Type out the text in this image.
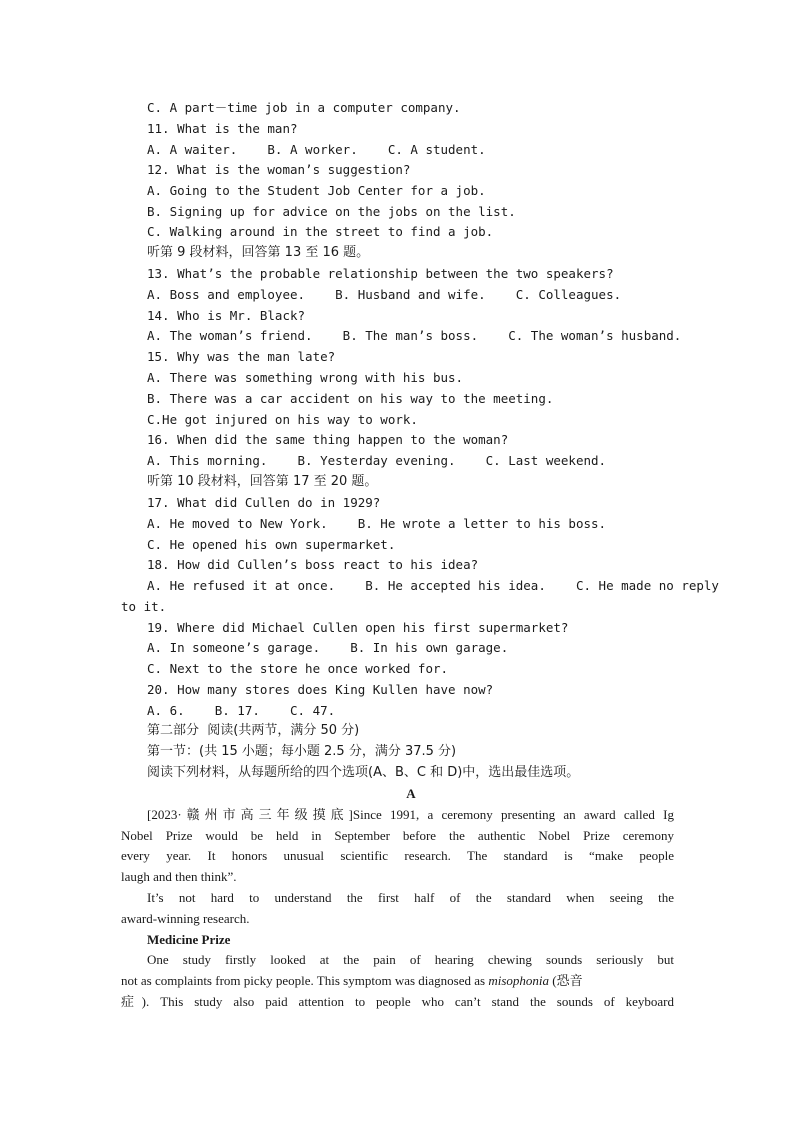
C. A part－time job in a computer company.
11. What is the man?
A. A waiter.    B. A worker.    C. A student.
12. What is the woman’s suggestion?
A. Going to the Student Job Center for a job.
B. Signing up for advice on the jobs on the list.
C. Walking around in the street to find a job.
听第 9 段材料，回答第 13 至 16 题。
13. What’s the probable relationship between the two speakers?
A. Boss and employee.    B. Husband and wife.    C. Colleagues.
14. Who is Mr. Black?
A. The woman’s friend.    B. The man’s boss.    C. The woman’s husband.
15. Why was the man late?
A. There was something wrong with his bus.
B. There was a car accident on his way to the meeting.
C.He got injured on his way to work.
16. When did the same thing happen to the woman?
A. This morning.    B. Yesterday evening.    C. Last weekend.
听第 10 段材料，回答第 17 至 20 题。
17. What did Cullen do in 1929?
A. He moved to New York.    B. He wrote a letter to his boss.
C. He opened his own supermarket.
18. How did Cullen’s boss react to his idea?
A. He refused it at once.    B. He accepted his idea.    C. He made no reply
to it.
19. Where did Michael Cullen open his first supermarket?
A. In someone’s garage.    B. In his own garage.
C. Next to the store he once worked for.
20. How many stores does King Kullen have now?
A. 6.    B. 17.    C. 47.
第二部分  阅读(共两节，满分 50 分)
第一节：(共 15 小题；每小题 2.5 分，满分 37.5 分)
阅读下列材料，从每题所给的四个选项(A、B、C 和 D)中，选出最佳选项。
A
[2023·赣州市高三年级摸底]Since 1991, a ceremony presenting an award called Ig
Nobel Prize would be held in September before the authentic Nobel Prize ceremony
every year. It honors unusual scientific research. The standard is “make people
laugh and then think”.
It’s not hard to understand the first half of the standard when seeing the
award-winning research.
Medicine Prize
One study firstly looked at the pain of hearing chewing sounds seriously but
not as complaints from picky people. This symptom was diagnosed as misophonia (恐音
症). This study also paid attention to people who can’t stand the sounds of keyboard
